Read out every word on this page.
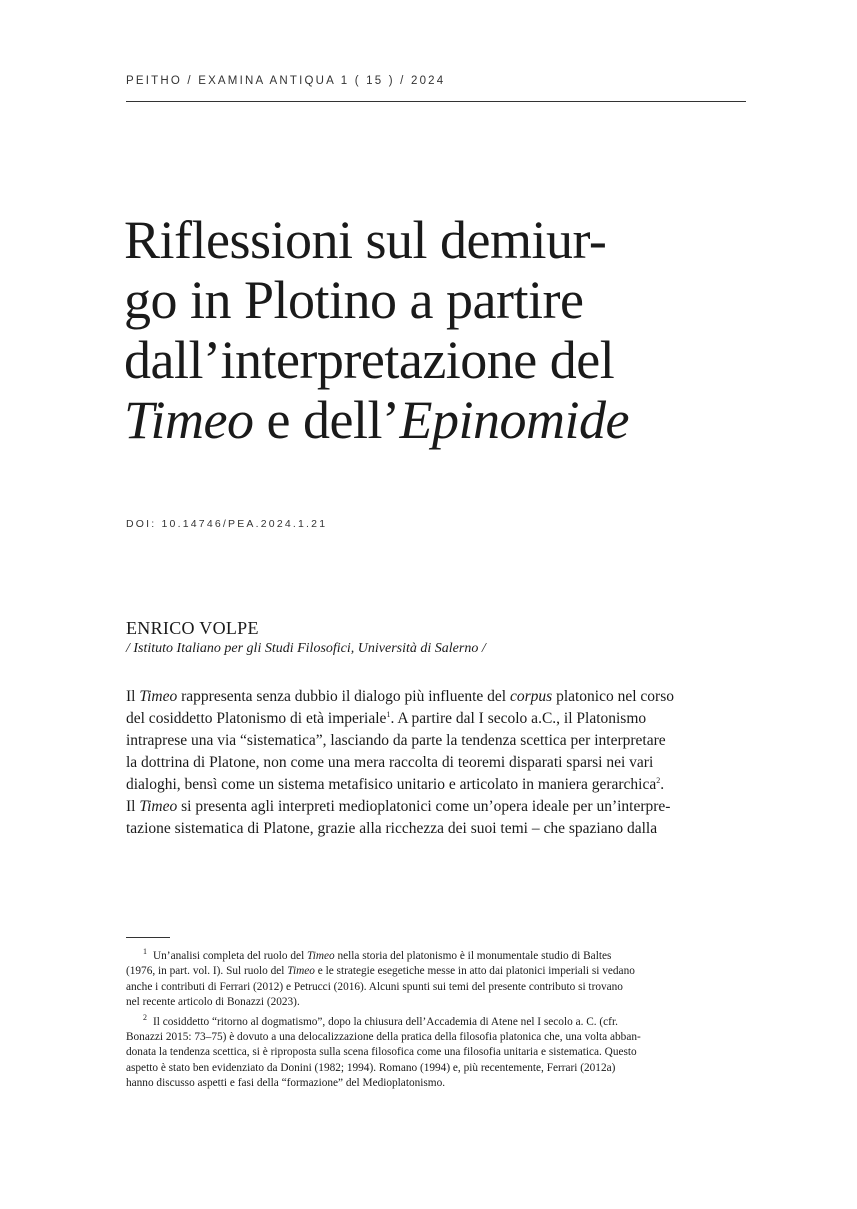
PEITHO / EXAMINA ANTIQUA 1 ( 15 ) / 2024
Riflessioni sul demiur-
go in Plotino a partire
dall’interpretazione del
Timeo e dell’Epinomide
DOI: 10.14746/PEA.2024.1.21
ENRICO VOLPE
/ Istituto Italiano per gli Studi Filosofici, Università di Salerno /
Il Timeo rappresenta senza dubbio il dialogo più influente del corpus platonico nel corso
del cosiddetto Platonismo di età imperiale$^1$. A partire dal I secolo a.C., il Platonismo
intraprese una via “sistematica”, lasciando da parte la tendenza scettica per interpretare
la dottrina di Platone, non come una mera raccolta di teoremi disparati sparsi nei vari
dialoghi, bensì come un sistema metafisico unitario e articolato in maniera gerarchica$^2$.
Il Timeo si presenta agli interpreti medioplatonici come un’opera ideale per un’interpre-
tazione sistematica di Platone, grazie alla ricchezza dei suoi temi – che spaziano dalla
$^1$ Un’analisi completa del ruolo del Timeo nella storia del platonismo è il monumentale studio di Baltes
(1976, in part. vol. I). Sul ruolo del Timeo e le strategie esegetiche messe in atto dai platonici imperiali si vedano
anche i contributi di Ferrari (2012) e Petrucci (2016). Alcuni spunti sui temi del presente contributo si trovano
nel recente articolo di Bonazzi (2023).
$^2$ Il cosiddetto “ritorno al dogmatismo”, dopo la chiusura dell’Accademia di Atene nel I secolo a. C. (cfr.
Bonazzi 2015: 73–75) è dovuto a una delocalizzazione della pratica della filosofia platonica che, una volta abban-
donata la tendenza scettica, si è riproposta sulla scena filosofica come una filosofia unitaria e sistematica. Questo
aspetto è stato ben evidenziato da Donini (1982; 1994). Romano (1994) e, più recentemente, Ferrari (2012a)
hanno discusso aspetti e fasi della “formazione” del Medioplatonismo.
